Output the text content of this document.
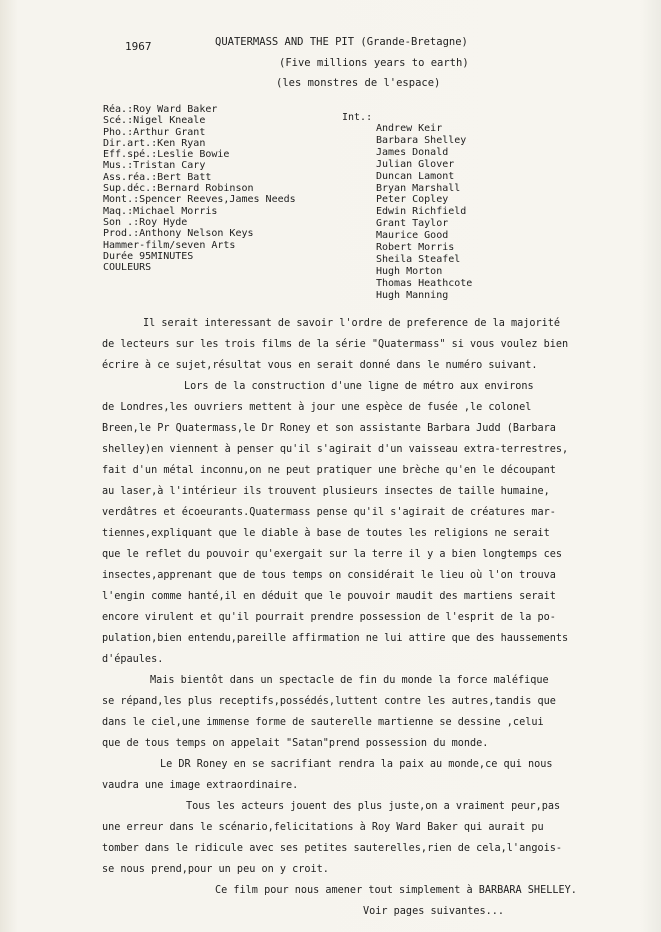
1967	QUATERMASS AND THE PIT (Grande-Bretagne)
(Five millions years to earth)
(les monstres de l'espace)
Réa.:Roy Ward Baker
Scé.:Nigel Kneale
Pho.:Arthur Grant
Dir.art.:Ken Ryan
Eff.spé.:Leslie Bowie
Mus.:Tristan Cary
Ass.réa.:Bert Batt
Sup.déc.:Bernard Robinson
Mont.:Spencer Reeves,James Needs
Maq.:Michael Morris
Son .:Roy Hyde
Prod.:Anthony Nelson Keys
Hammer-film/seven Arts
Durée 95MINUTES
COULEURS
Int.:
Andrew Keir
Barbara Shelley
James Donald
Julian Glover
Duncan Lamont
Bryan Marshall
Peter Copley
Edwin Richfield
Grant Taylor
Maurice Good
Robert Morris
Sheila Steafel
Hugh Morton
Thomas Heathcote
Hugh Manning
Il serait interessant de savoir l'ordre de preference de la majorité
de lecteurs sur les trois films de la série "Quatermass" si vous voulez bien
écrire à ce sujet,résultat vous en serait donné dans le numéro suivant.
Lors de la construction d'une ligne de métro aux environs
de Londres,les ouvriers mettent à jour une espèce de fusée ,le colonel
Breen,le Pr Quatermass,le Dr Roney et son assistante Barbara Judd (Barbara
shelley)en viennent à penser qu'il s'agirait d'un vaisseau extra-terrestres,
fait d'un métal inconnu,on ne peut pratiquer une brèche qu'en le découpant
au laser,à l'intérieur ils trouvent plusieurs insectes de taille humaine,
verdâtres et écoeurants.Quatermass pense qu'il s'agirait de créatures mar-
tiennes,expliquant que le diable à base de toutes les religions ne serait
que le reflet du pouvoir qu'exergait sur la terre il y a bien longtemps ces
insectes,apprenant que de tous temps on considérait le lieu où l'on trouva
l'engin comme hanté,il en déduit que le pouvoir maudit des martiens serait
encore virulent et qu'il pourrait prendre possession de l'esprit de la po-
pulation,bien entendu,pareille affirmation ne lui attire que des haussements
d'épaules.
Mais bientôt dans un spectacle de fin du monde la force maléfique
se répand,les plus receptifs,possédés,luttent contre les autres,tandis que
dans le ciel,une immense forme de sauterelle martienne se dessine ,celui
que de tous temps on appelait "Satan"prend possession du monde.
Le DR Roney en se sacrifiant rendra la paix au monde,ce qui nous
vaudra une image extraordinaire.
Tous les acteurs jouent des plus juste,on a vraiment peur,pas
une erreur dans le scénario,felicitations à Roy Ward Baker qui aurait pu
tomber dans le ridicule avec ses petites sauterelles,rien de cela,l'angois-
se nous prend,pour un peu on y croit.
Ce film pour nous amener tout simplement à BARBARA SHELLEY.
Voir pages suivantes...
